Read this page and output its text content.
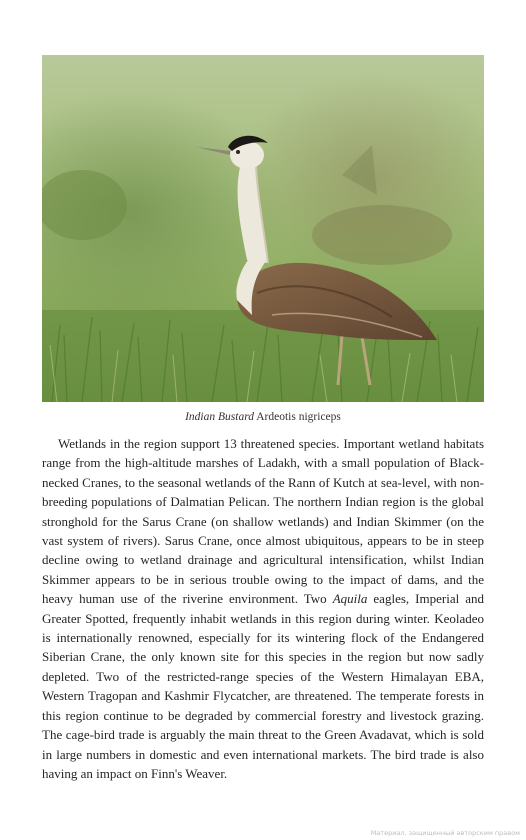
Indian Bustard Ardeotis nigriceps

Wetlands in the region support 13 threatened species. Important wetland habitats range from the high-altitude marshes of Ladakh, with a small population of Black-necked Cranes, to the seasonal wetlands of the Rann of Kutch at sea-level, with non-breeding populations of Dalmatian Pelican. The northern Indian region is the global stronghold for the Sarus Crane (on shallow wetlands) and Indian Skimmer (on the vast system of rivers). Sarus Crane, once almost ubiquitous, appears to be in steep decline owing to wetland drainage and agricultural intensification, whilst Indian Skimmer appears to be in serious trouble owing to the impact of dams, and the heavy human use of the riverine environment. Two Aquila eagles, Imperial and Greater Spotted, frequently inhabit wetlands in this region during winter. Keoladeo is internationally renowned, especially for its wintering flock of the Endangered Siberian Crane, the only known site for this species in the region but now sadly depleted. Two of the restricted-range species of the Western Himalayan EBA, Western Tragopan and Kashmir Flycatcher, are threatened. The temperate forests in this region continue to be degraded by commercial forestry and livestock grazing. The cage-bird trade is arguably the main threat to the Green Avadavat, which is sold in large numbers in domestic and even international markets. The bird trade is also having an impact on Finn's Weaver.

Материал, защищенный авторским правом
